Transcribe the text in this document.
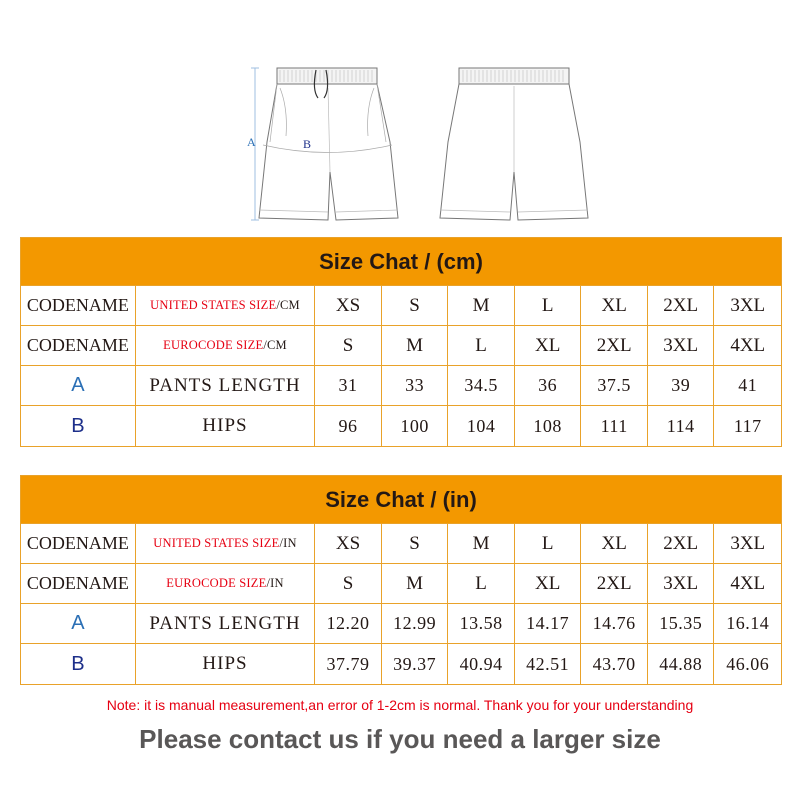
A	B
Size Chat / (cm)
CODENAME	UNITED STATES SIZE /CM	XS	S	M	L	XL	2XL	3XL
CODENAME	EUROCODE SIZE /CM	S	M	L	XL	2XL	3XL	4XL
A	PANTS LENGTH	31	33	34.5	36	37.5	39	41
B	HIPS	96	100	104	108	111	114	117
Size Chat / (in)
CODENAME	UNITED STATES SIZE /IN	XS	S	M	L	XL	2XL	3XL
CODENAME	EUROCODE SIZE /IN	S	M	L	XL	2XL	3XL	4XL
A	PANTS LENGTH	12.20	12.99	13.58	14.17	14.76	15.35	16.14
B	HIPS	37.79	39.37	40.94	42.51	43.70	44.88	46.06
Note: it is manual measurement,an error of 1-2cm is normal. Thank you for your understanding
Please contact us if you need a larger size
